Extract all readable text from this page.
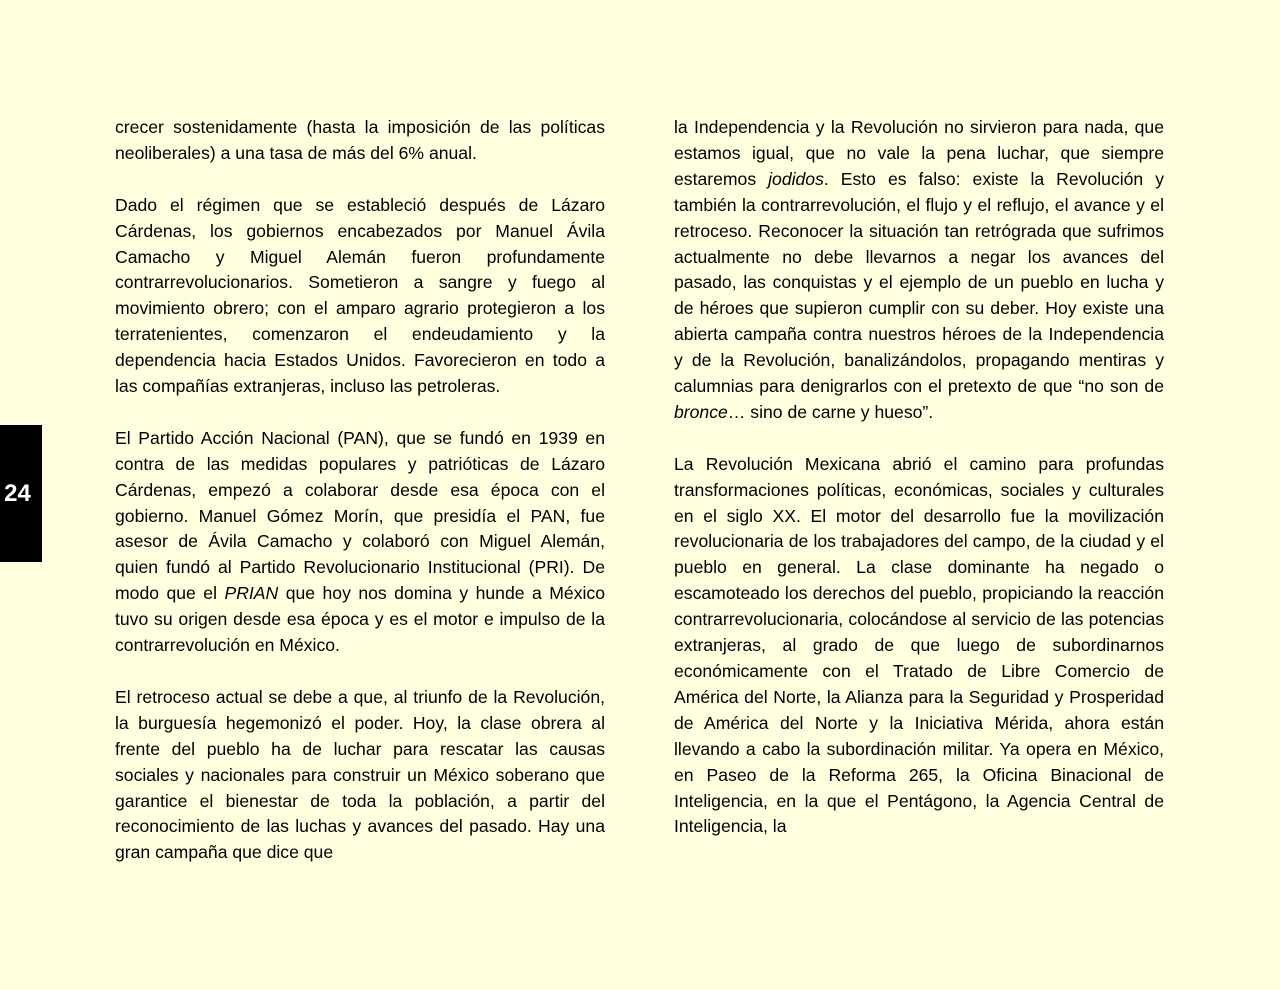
24

crecer sostenidamente (hasta la imposición de las políticas neoliberales) a una tasa de más del 6% anual.

Dado el régimen que se estableció después de Lázaro Cárdenas, los gobiernos encabezados por Manuel Ávila Camacho y Miguel Alemán fueron profundamente contrarrevolucionarios. Sometieron a sangre y fuego al movimiento obrero; con el amparo agrario protegieron a los terratenientes, comenzaron el endeudamiento y la dependencia hacia Estados Unidos. Favorecieron en todo a las compañías extranjeras, incluso las petroleras.

El Partido Acción Nacional (PAN), que se fundó en 1939 en contra de las medidas populares y patrióticas de Lázaro Cárdenas, empezó a colaborar desde esa época con el gobierno. Manuel Gómez Morín, que presidía el PAN, fue asesor de Ávila Camacho y colaboró con Miguel Alemán, quien fundó al Partido Revolucionario Institucional (PRI). De modo que el PRIAN que hoy nos domina y hunde a México tuvo su origen desde esa época y es el motor e impulso de la contrarrevolución en México.

El retroceso actual se debe a que, al triunfo de la Revolución, la burguesía hegemonizó el poder. Hoy, la clase obrera al frente del pueblo ha de luchar para rescatar las causas sociales y nacionales para construir un México soberano que garantice el bienestar de toda la población, a partir del reconocimiento de las luchas y avances del pasado. Hay una gran campaña que dice que

la Independencia y la Revolución no sirvieron para nada, que estamos igual, que no vale la pena luchar, que siempre estaremos jodidos. Esto es falso: existe la Revolución y también la contrarrevolución, el flujo y el reflujo, el avance y el retroceso. Reconocer la situación tan retrógrada que sufrimos actualmente no debe llevarnos a negar los avances del pasado, las conquistas y el ejemplo de un pueblo en lucha y de héroes que supieron cumplir con su deber. Hoy existe una abierta campaña contra nuestros héroes de la Independencia y de la Revolución, banalizándolos, propagando mentiras y calumnias para denigrarlos con el pretexto de que “no son de bronce… sino de carne y hueso”.

La Revolución Mexicana abrió el camino para profundas transformaciones políticas, económicas, sociales y culturales en el siglo XX. El motor del desarrollo fue la movilización revolucionaria de los trabajadores del campo, de la ciudad y el pueblo en general. La clase dominante ha negado o escamoteado los derechos del pueblo, propiciando la reacción contrarrevolucionaria, colocándose al servicio de las potencias extranjeras, al grado de que luego de subordinarnos económicamente con el Tratado de Libre Comercio de América del Norte, la Alianza para la Seguridad y Prosperidad de América del Norte y la Iniciativa Mérida, ahora están llevando a cabo la subordinación militar. Ya opera en México, en Paseo de la Reforma 265, la Oficina Binacional de Inteligencia, en la que el Pentágono, la Agencia Central de Inteligencia, la
